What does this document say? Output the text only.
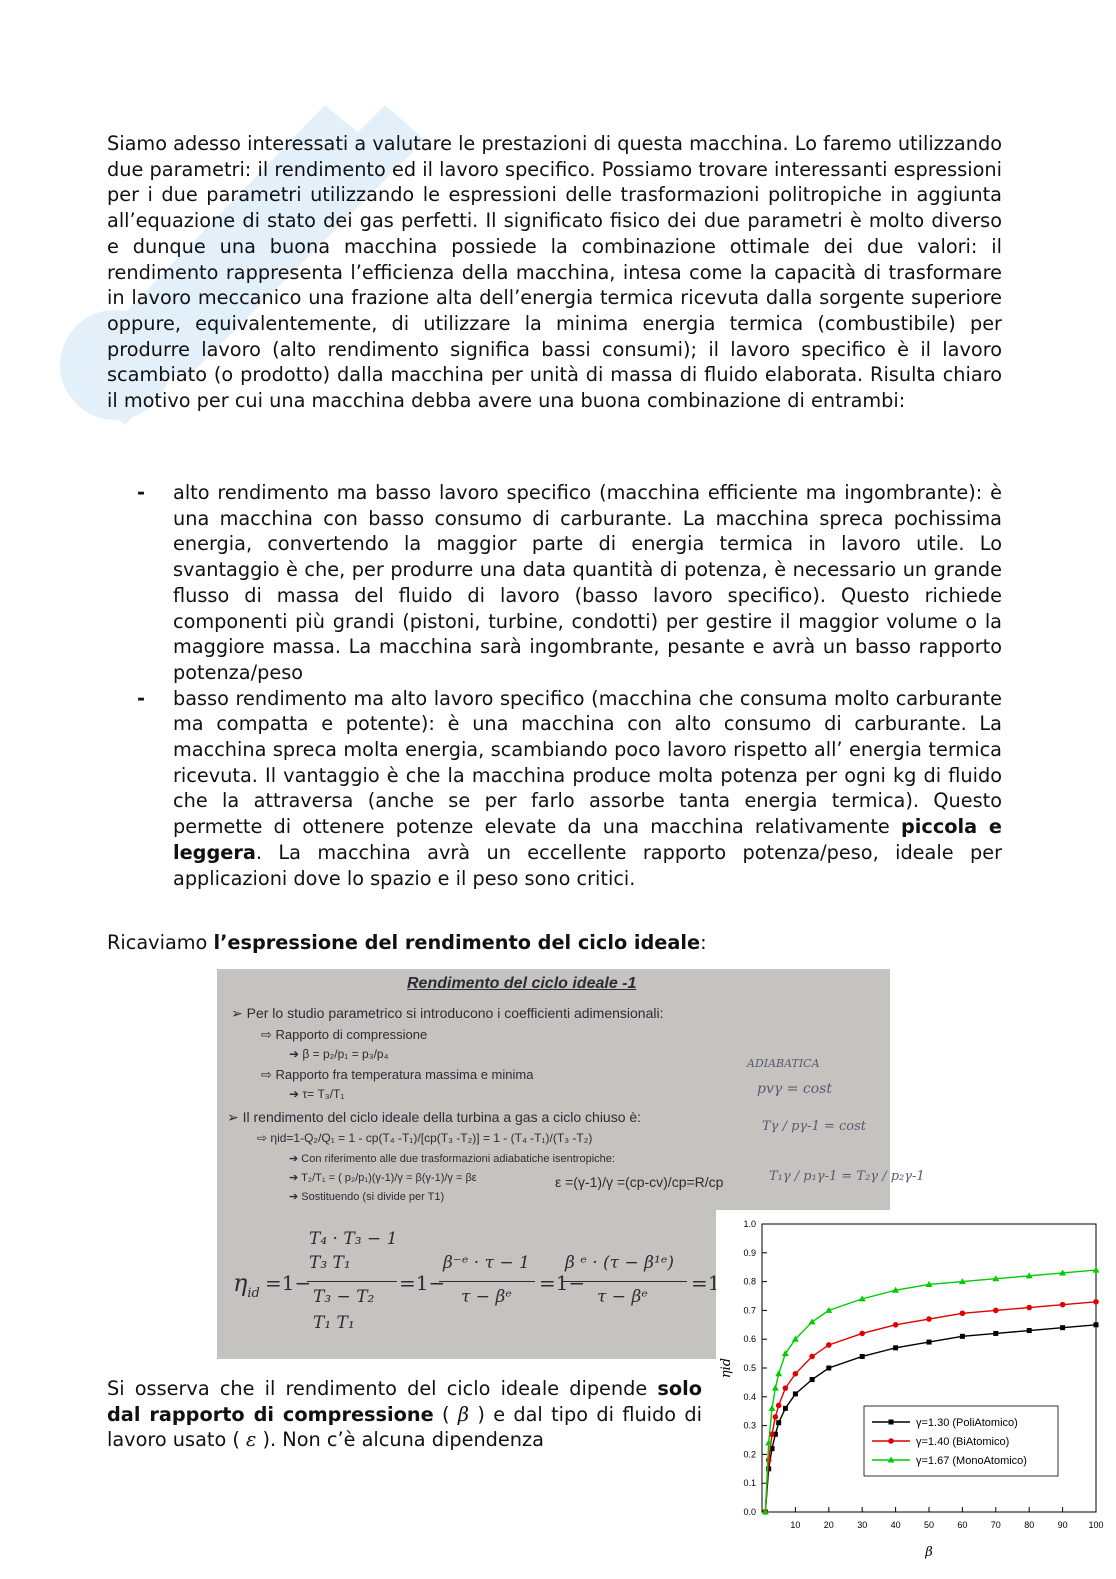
Siamo adesso interessati a valutare le prestazioni di questa macchina. Lo faremo utilizzando due parametri: il rendimento ed il lavoro specifico. Possiamo trovare interessanti espressioni per i due parametri utilizzando le espressioni delle trasformazioni politropiche in aggiunta all’equazione di stato dei gas perfetti. Il significato fisico dei due parametri è molto diverso e dunque una buona macchina possiede la combinazione ottimale dei due valori: il rendimento rappresenta l’efficienza della macchina, intesa come la capacità di trasformare in lavoro meccanico una frazione alta dell’energia termica ricevuta dalla sorgente superiore oppure, equivalentemente, di utilizzare la minima energia termica (combustibile) per produrre lavoro (alto rendimento significa bassi consumi); il lavoro specifico è il lavoro scambiato (o prodotto) dalla macchina per unità di massa di fluido elaborata. Risulta chiaro il motivo per cui una macchina debba avere una buona combinazione di entrambi:
- alto rendimento ma basso lavoro specifico (macchina efficiente ma ingombrante): è una macchina con basso consumo di carburante. La macchina spreca pochissima energia, convertendo la maggior parte di energia termica in lavoro utile. Lo svantaggio è che, per produrre una data quantità di potenza, è necessario un grande flusso di massa del fluido di lavoro (basso lavoro specifico). Questo richiede componenti più grandi (pistoni, turbine, condotti) per gestire il maggior volume o la maggiore massa. La macchina sarà ingombrante, pesante e avrà un basso rapporto potenza/peso
- basso rendimento ma alto lavoro specifico (macchina che consuma molto carburante ma compatta e potente): è una macchina con alto consumo di carburante. La macchina spreca molta energia, scambiando poco lavoro rispetto all’ energia termica ricevuta. Il vantaggio è che la macchina produce molta potenza per ogni kg di fluido che la attraversa (anche se per farlo assorbe tanta energia termica). Questo permette di ottenere potenze elevate da una macchina relativamente piccola e leggera. La macchina avrà un eccellente rapporto potenza/peso, ideale per applicazioni dove lo spazio e il peso sono critici.
Ricaviamo l’espressione del rendimento del ciclo ideale:
Rendimento del ciclo ideale -1
➢ Per lo studio parametrico si introducono i coefficienti adimensionali:
⇨ Rapporto di compressione
➔ β = p₂/p₁ = p₃/p₄
⇨ Rapporto fra temperatura massima e minima
➔ τ= T₃/T₁
➢ Il rendimento del ciclo ideale della turbina a gas a ciclo chiuso è:
⇨ ηid=1-Q₂/Q₁ = 1 - cp(T₄ -T₁)/[cp(T₃ -T₂)] = 1 - (T₄ -T₁)/(T₃ -T₂)
➔ Con riferimento alle due trasformazioni adiabatiche isentropiche:
➔ T₂/T₁ = ( p₂/p₁)(γ-1)/γ = β(γ-1)/γ = βε	ε =(γ-1)/γ =(cp-cv)/cp=R/cp
➔ Sostituendo (si divide per T1)
ADIABATICA
pvγ = cost
Tγ / pγ-1 = cost
T₁γ / p₁γ-1 = T₂γ / p₂γ-1
$\eta_{id} =1-$
T₄ · T₃ − 1
T₃ T₁
T₃ − T₂
T₁ T₁
=1−
β⁻ᵉ · τ − 1
τ − βᵉ
=1−
β ᵉ · (τ − β¹ᵉ)
τ − βᵉ
=1-
0.0
0.1
0.2
0.3
0.4
0.5
0.6
0.7
0.8
0.9
1.0
10	20	30	40	50	60	70	80	90 100
β
ηid
γ=1.30 (PoliAtomico)
γ=1.40 (BiAtomico)
γ=1.67 (MonoAtomico)
Si osserva che il rendimento del ciclo ideale dipende solo dal rapporto di compressione ( β ) e dal tipo di fluido di lavoro usato ( ε ). Non c’è alcuna dipendenza
